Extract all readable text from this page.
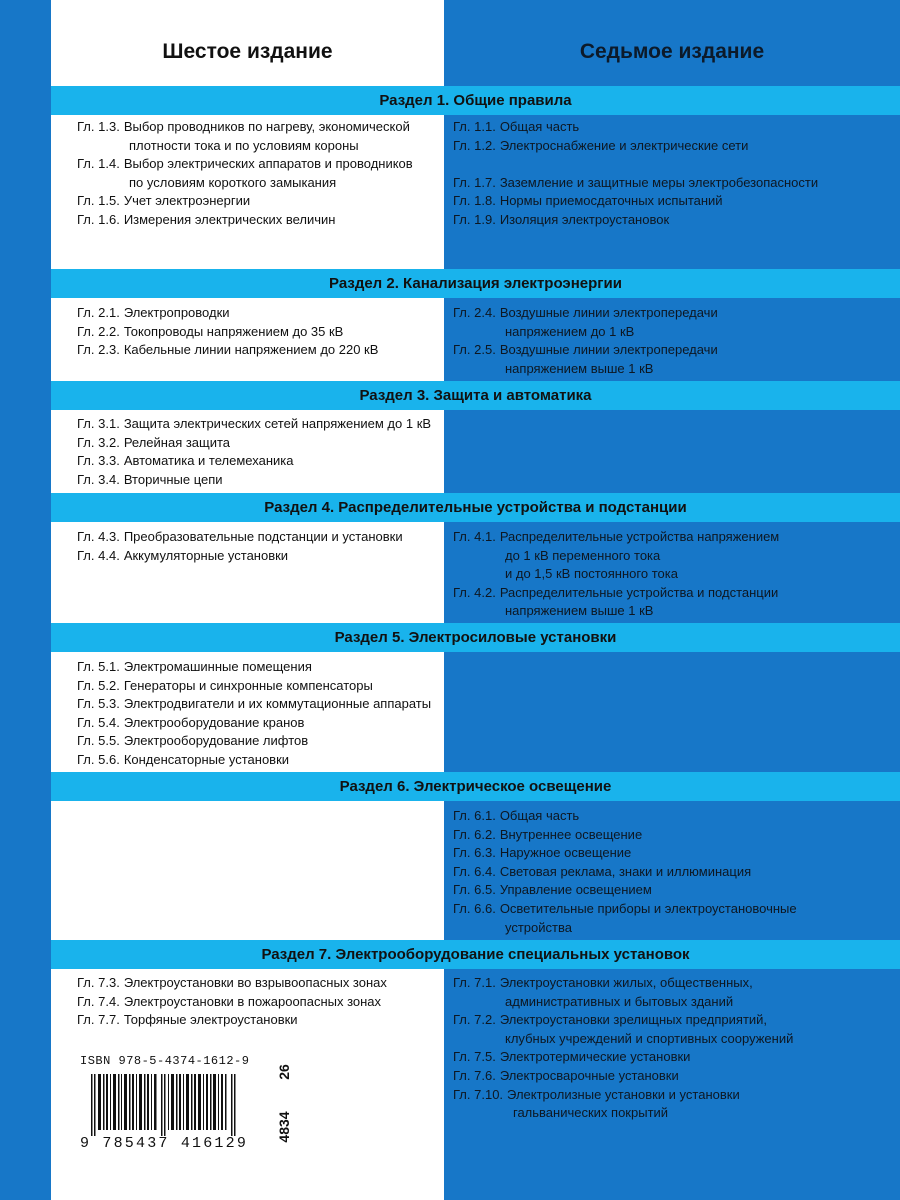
Шестое издание	Седьмое издание
Раздел 1. Общие правила
Гл. 1.3. Выбор проводников по нагреву, экономической
плотности тока и по условиям короны
Гл. 1.4. Выбор электрических аппаратов и проводников
по условиям короткого замыкания
Гл. 1.5. Учет электроэнергии
Гл. 1.6. Измерения электрических величин
Гл. 1.1. Общая часть
Гл. 1.2. Электроснабжение и электрические сети
Гл. 1.7. Заземление и защитные меры электробезопасности
Гл. 1.8. Нормы приемосдаточных испытаний
Гл. 1.9. Изоляция электроустановок
Раздел 2. Канализация электроэнергии
Гл. 2.1. Электропроводки
Гл. 2.2. Токопроводы напряжением до 35 кВ
Гл. 2.3. Кабельные линии напряжением до 220 кВ
Гл. 2.4. Воздушные линии электропередачи
напряжением до 1 кВ
Гл. 2.5. Воздушные линии электропередачи
напряжением выше 1 кВ
Раздел 3. Защита и автоматика
Гл. 3.1. Защита электрических сетей напряжением до 1 кВ
Гл. 3.2. Релейная защита
Гл. 3.3. Автоматика и телемеханика
Гл. 3.4. Вторичные цепи
Раздел 4. Распределительные устройства и подстанции
Гл. 4.3. Преобразовательные подстанции и установки
Гл. 4.4. Аккумуляторные установки
Гл. 4.1. Распределительные устройства напряжением
до 1 кВ переменного тока
и до 1,5 кВ постоянного тока
Гл. 4.2. Распределительные устройства и подстанции
напряжением выше 1 кВ
Раздел 5. Электросиловые установки
Гл. 5.1. Электромашинные помещения
Гл. 5.2. Генераторы и синхронные компенсаторы
Гл. 5.3. Электродвигатели и их коммутационные аппараты
Гл. 5.4. Электрооборудование кранов
Гл. 5.5. Электрооборудование лифтов
Гл. 5.6. Конденсаторные установки
Раздел 6. Электрическое освещение
Гл. 6.1. Общая часть
Гл. 6.2. Внутреннее освещение
Гл. 6.3. Наружное освещение
Гл. 6.4. Световая реклама, знаки и иллюминация
Гл. 6.5. Управление освещением
Гл. 6.6. Осветительные приборы и электроустановочные
устройства
Раздел 7. Электрооборудование специальных установок
Гл. 7.3. Электроустановки во взрывоопасных зонах
Гл. 7.4. Электроустановки в пожароопасных зонах
Гл. 7.7. Торфяные электроустановки
Гл. 7.1. Электроустановки жилых, общественных,
административных и бытовых зданий
Гл. 7.2. Электроустановки зрелищных предприятий,
клубных учреждений и спортивных сооружений
Гл. 7.5. Электротермические установки
Гл. 7.6. Электросварочные установки
Гл. 7.10. Электролизные установки и установки
гальванических покрытий
ISBN 978-5-4374-1612-9
9 785437 416129
26
4834
